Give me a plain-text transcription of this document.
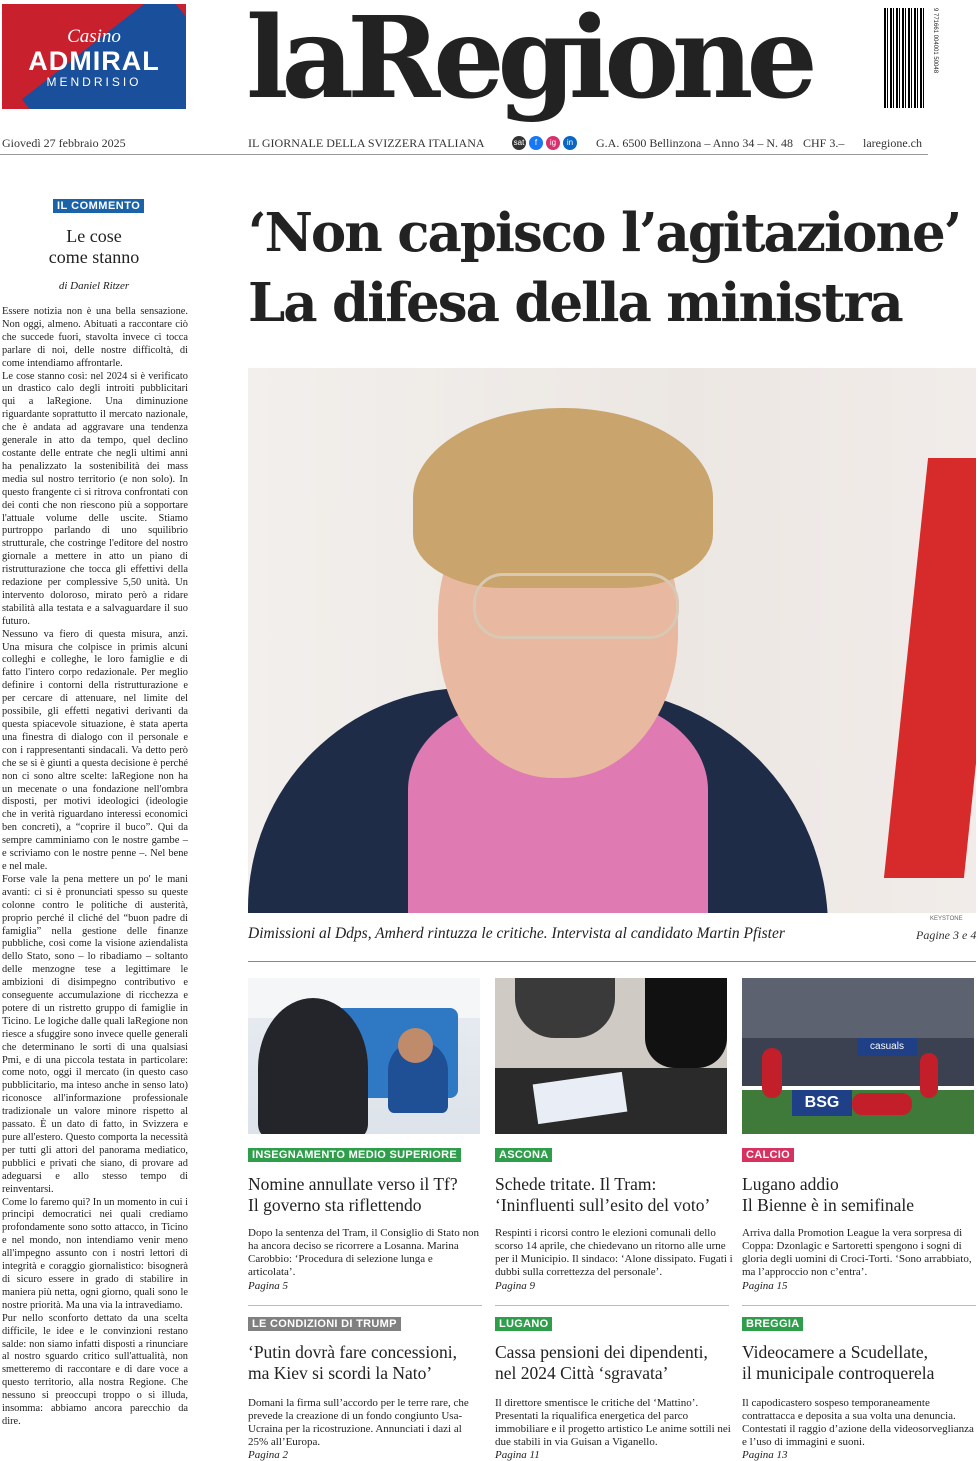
Casino
ADMIRAL
MENDRISIO laRegione	9 771661 004001 50048
Giovedì 27 febbraio 2025	IL GIORNALE DELLA SVIZZERA ITALIANA	G.A. 6500 Bellinzona – Anno 34 – N. 48 CHF 3.– laregione.ch
sat	f	ig	in
IL COMMENTO
Le cose
come stanno
di Daniel Ritzer

Essere notizia non è una bella sensazione. Non oggi, almeno. Abituati a raccontare ciò che succede fuori, stavolta invece ci tocca parlare di noi, delle nostre difficoltà, di come intendiamo affrontarle.

Le cose stanno così: nel 2024 si è verificato un drastico calo degli introiti pubblicitari qui a laRegione. Una diminuzione riguardante soprattutto il mercato nazionale, che è andata ad aggravare una tendenza generale in atto da tempo, quel declino costante delle entrate che negli ultimi anni ha penalizzato la sostenibilità dei mass media sul nostro territorio (e non solo). In questo frangente ci si ritrova confrontati con dei conti che non riescono più a sopportare l'attuale volume delle uscite. Stiamo purtroppo parlando di uno squilibrio strutturale, che costringe l'editore del nostro giornale a mettere in atto un piano di ristrutturazione che tocca gli effettivi della redazione per complessive 5,50 unità. Un intervento doloroso, mirato però a ridare stabilità alla testata e a salvaguardare il suo futuro.

Nessuno va fiero di questa misura, anzi. Una misura che colpisce in primis alcuni colleghi e colleghe, le loro famiglie e di fatto l'intero corpo redazionale. Per meglio definire i contorni della ristrutturazione e per cercare di attenuare, nel limite del possibile, gli effetti negativi derivanti da questa spiacevole situazione, è stata aperta una finestra di dialogo con il personale e con i rappresentanti sindacali. Va detto però che se si è giunti a questa decisione è perché non ci sono altre scelte: laRegione non ha un mecenate o una fondazione nell'ombra disposti, per motivi ideologici (ideologie che in verità riguardano interessi economici ben concreti), a “coprire il buco”. Qui da sempre camminiamo con le nostre gambe – e scriviamo con le nostre penne –. Nel bene e nel male.

Forse vale la pena mettere un po' le mani avanti: ci si è pronunciati spesso su queste colonne contro le politiche di austerità, proprio perché il cliché del “buon padre di famiglia” nella gestione delle finanze pubbliche, così come la visione aziendalista dello Stato, sono – lo ribadiamo – soltanto delle menzogne tese a legittimare le ambizioni di disimpegno contributivo e conseguente accumulazione di ricchezza e potere di un ristretto gruppo di famiglie in Ticino. Le logiche dalle quali laRegione non riesce a sfuggire sono invece quelle generali che determinano le sorti di una qualsiasi Pmi, e di una piccola testata in particolare: come noto, oggi il mercato (in questo caso pubblicitario, ma inteso anche in senso lato) riconosce all'informazione professionale tradizionale un valore minore rispetto al passato. È un dato di fatto, in Svizzera e pure all'estero. Questo comporta la necessità per tutti gli attori del panorama mediatico, pubblici e privati che siano, di provare ad adeguarsi e allo stesso tempo di reinventarsi.

Come lo faremo qui? In un momento in cui i principi democratici nei quali crediamo profondamente sono sotto attacco, in Ticino e nel mondo, non intendiamo venir meno all'impegno assunto con i nostri lettori di integrità e coraggio giornalistico: bisognerà di sicuro essere in grado di stabilire in maniera più netta, ogni giorno, quali sono le nostre priorità. Ma una via la intravediamo.

Pur nello sconforto dettato da una scelta difficile, le idee e le convinzioni restano salde: non siamo infatti disposti a rinunciare al nostro sguardo critico sull'attualità, non smetteremo di raccontare e di dare voce a questo territorio, alla nostra Regione. Che nessuno si preoccupi troppo o si illuda, insomma: abbiamo ancora parecchio da dire.

‘Non capisco l’agitazione’
La difesa della ministra
KEYSTONE
Dimissioni al Ddps, Amherd rintuzza le critiche. Intervista al candidato Martin Pfister	Pagine 3 e 4
BSG
casuals
INSEGNAMENTO MEDIO SUPERIORE
Nomine annullate verso il Tf?
Il governo sta riflettendo
Dopo la sentenza del Tram, il Consiglio di Stato non ha ancora deciso se ricorrere a Losanna. Marina Carobbio: ‘Procedura di selezione lunga e articolata’.
Pagina 5
ASCONA
Schede tritate. Il Tram:
‘Ininfluenti sull’esito del voto’
Respinti i ricorsi contro le elezioni comunali dello scorso 14 aprile, che chiedevano un ritorno alle urne per il Municipio. Il sindaco: ‘Alone dissipato. Fugati i dubbi sulla correttezza del personale’.
Pagina 9
CALCIO
Lugano addio
Il Bienne è in semifinale
Arriva dalla Promotion League la vera sorpresa di Coppa: Dzonlagic e Sartoretti spengono i sogni di gloria degli uomini di Croci-Torti. ‘Sono arrabbiato, ma l’approccio non c’entra’.
Pagina 15
LE CONDIZIONI DI TRUMP
‘Putin dovrà fare concessioni,
ma Kiev si scordi la Nato’
Domani la firma sull’accordo per le terre rare, che prevede la creazione di un fondo congiunto Usa-Ucraina per la ricostruzione. Annunciati i dazi al 25% all’Europa.
Pagina 2
LUGANO
Cassa pensioni dei dipendenti,
nel 2024 Città ‘sgravata’
Il direttore smentisce le critiche del ‘Mattino’. Presentati la riqualifica energetica del parco immobiliare e il progetto artistico Le anime sottili nei due stabili in via Guisan a Viganello.
Pagina 11
BREGGIA
Videocamere a Scudellate,
il municipale controquerela
Il capodicastero sospeso temporaneamente contrattacca e deposita a sua volta una denuncia. Contestati il raggio d’azione della videosorveglianza e l’uso di immagini e suoni.
Pagina 13
